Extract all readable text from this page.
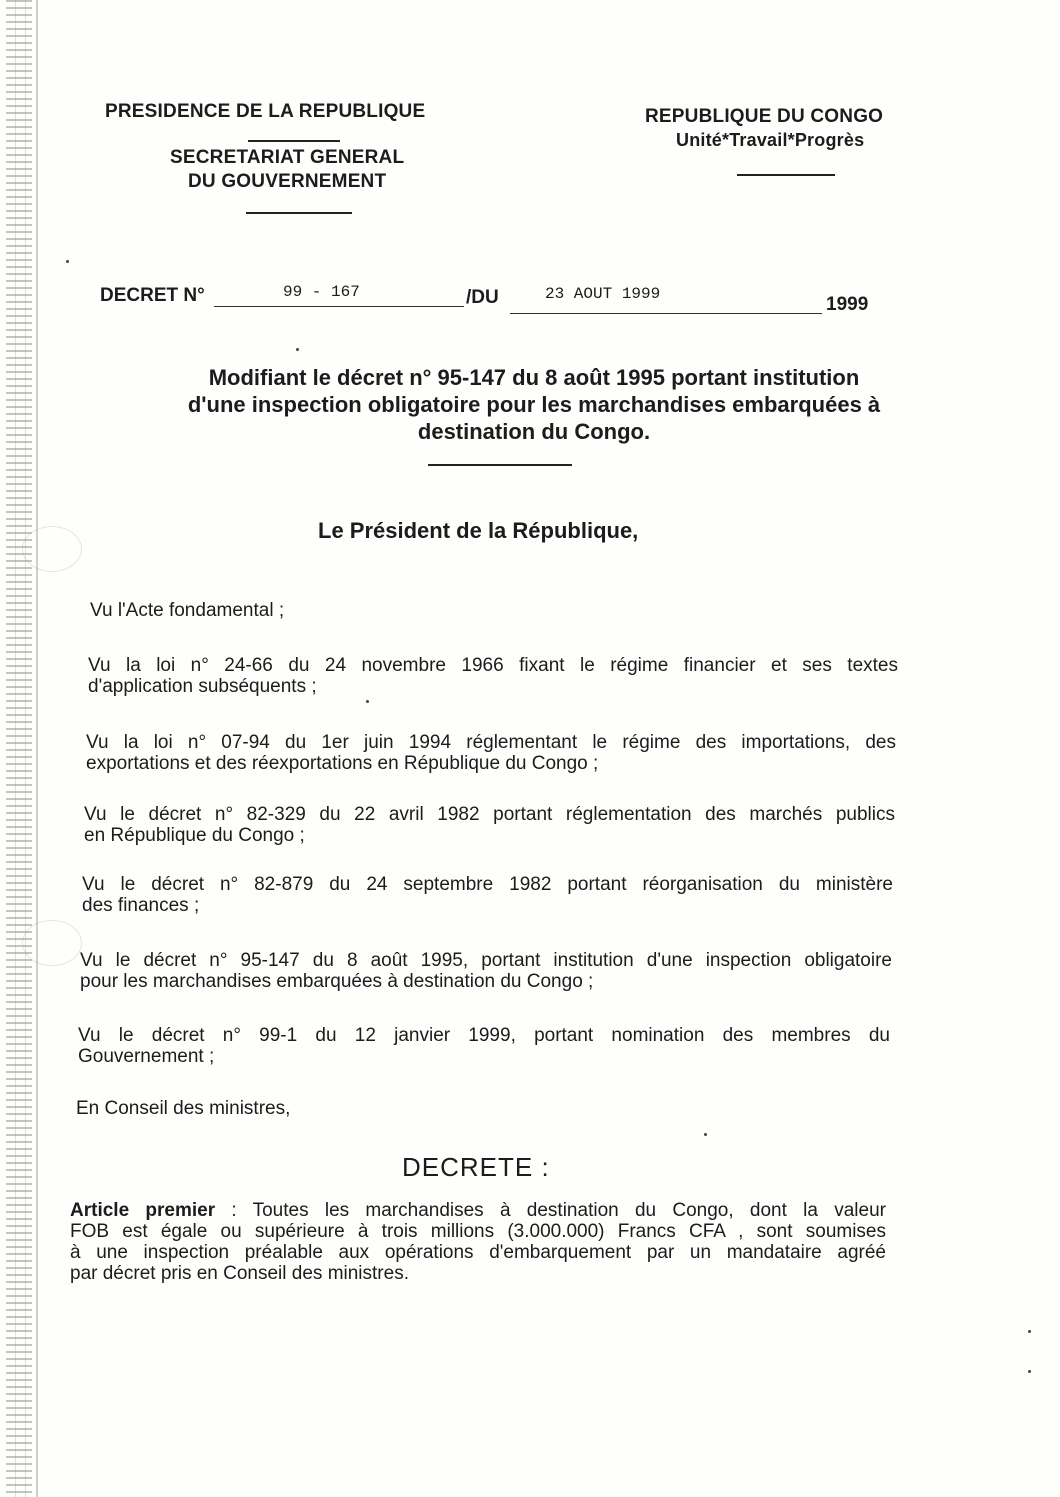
PRESIDENCE DE LA REPUBLIQUE
SECRETARIAT GENERAL
DU GOUVERNEMENT
REPUBLIQUE DU CONGO
Unité*Travail*Progrès
DECRET N°	99 - 167	/DU	23 AOUT 1999	1999
Modifiant le décret n° 95-147 du 8 août 1995 portant institution
d'une inspection obligatoire pour les marchandises embarquées à
destination du Congo.
Le Président de la République,
Vu l'Acte fondamental ;
Vu la loi n° 24-66 du 24 novembre 1966 fixant le régime financier et ses textes
d'application subséquents ;
Vu la loi n° 07-94 du 1er juin 1994 réglementant le régime des importations, des
exportations et des réexportations en République du Congo ;
Vu le décret n° 82-329 du 22 avril 1982 portant réglementation des marchés publics
en République du Congo ;
Vu le décret n° 82-879 du 24 septembre 1982 portant réorganisation du ministère
des finances ;
Vu le décret n° 95-147 du 8 août 1995, portant institution d'une inspection obligatoire
pour les marchandises embarquées à destination du Congo ;
Vu le décret n° 99-1 du 12 janvier 1999, portant nomination des membres du
Gouvernement ;
En Conseil des ministres,
DECRETE :
Article premier : Toutes les marchandises à destination du Congo, dont la valeur
FOB est égale ou supérieure à trois millions (3.000.000) Francs CFA , sont soumises
à une inspection préalable aux opérations d'embarquement par un mandataire agréé
par décret pris en Conseil des ministres.
